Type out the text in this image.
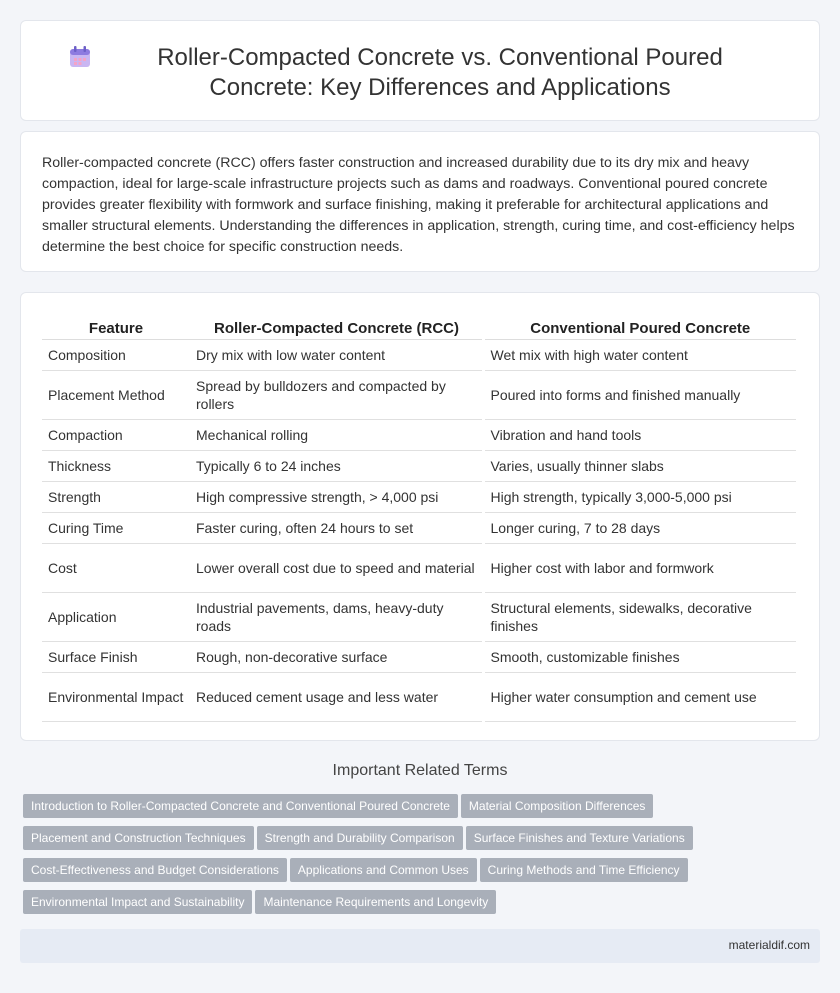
Roller-Compacted Concrete vs. Conventional Poured Concrete: Key Differences and Applications

Roller-compacted concrete (RCC) offers faster construction and increased durability due to its dry mix and heavy compaction, ideal for large-scale infrastructure projects such as dams and roadways. Conventional poured concrete provides greater flexibility with formwork and surface finishing, making it preferable for architectural applications and smaller structural elements. Understanding the differences in application, strength, curing time, and cost-efficiency helps determine the best choice for specific construction needs.

Feature	Roller-Compacted Concrete (RCC)	Conventional Poured Concrete
Composition	Dry mix with low water content	Wet mix with high water content
Placement Method	Spread by bulldozers and compacted by rollers	Poured into forms and finished manually
Compaction	Mechanical rolling	Vibration and hand tools
Thickness	Typically 6 to 24 inches	Varies, usually thinner slabs
Strength	High compressive strength, > 4,000 psi	High strength, typically 3,000-5,000 psi
Curing Time	Faster curing, often 24 hours to set	Longer curing, 7 to 28 days
Cost	Lower overall cost due to speed and material	Higher cost with labor and formwork
Application	Industrial pavements, dams, heavy-duty roads	Structural elements, sidewalks, decorative finishes
Surface Finish	Rough, non-decorative surface	Smooth, customizable finishes
Environmental Impact	Reduced cement usage and less water	Higher water consumption and cement use
Important Related Terms
Introduction to Roller-Compacted Concrete and Conventional Poured Concrete Material Composition DifferencesPlacement and Construction Techniques Strength and Durability Comparison Surface Finishes and Texture VariationsCost-Effectiveness and Budget Considerations Applications and Common Uses Curing Methods and Time EfficiencyEnvironmental Impact and Sustainability Maintenance Requirements and Longevity
materialdif.com
